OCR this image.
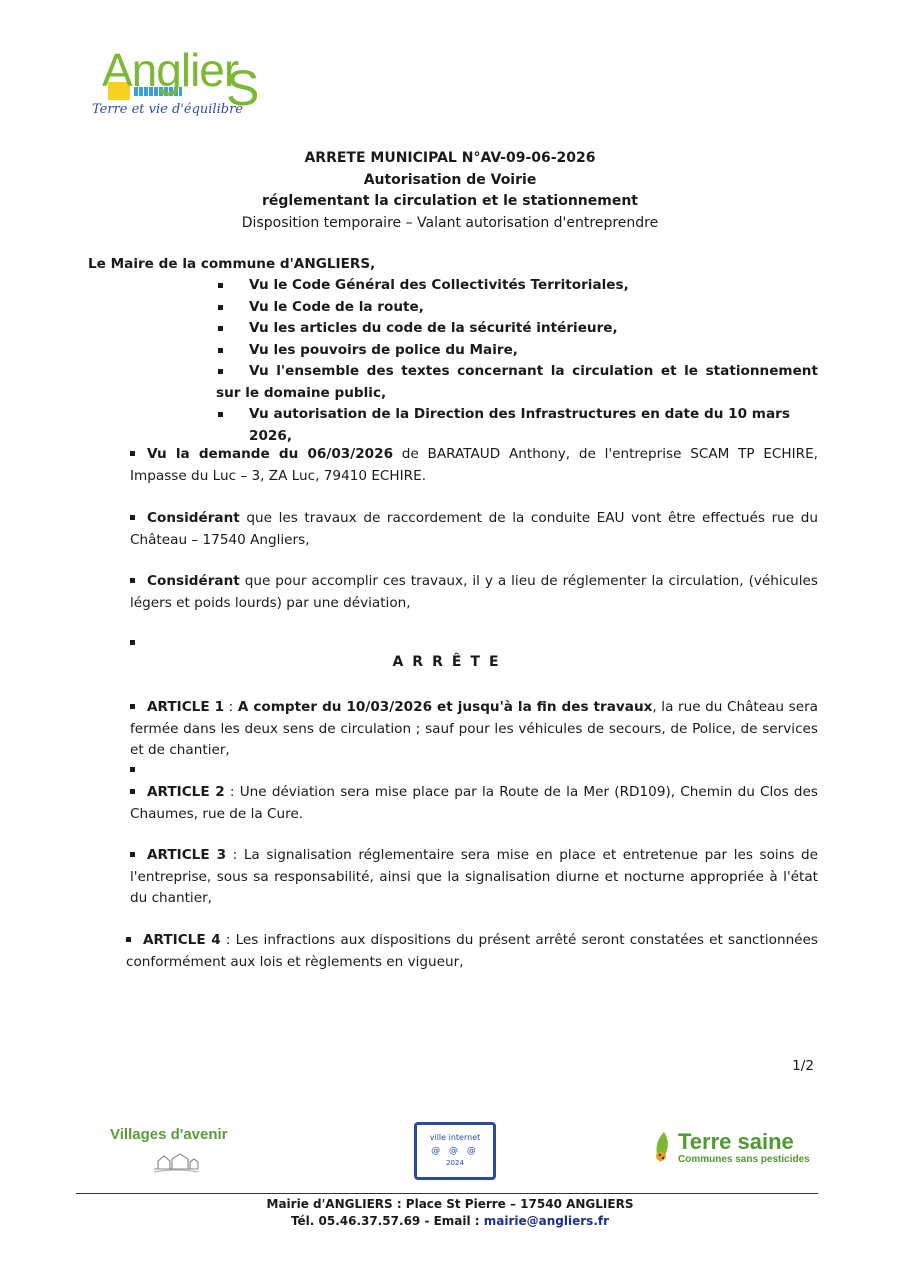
Anglier
S
Terre et vie d'équilibre
ARRETE MUNICIPAL N°AV-09-06-2026
Autorisation de Voirie
réglementant la circulation et le stationnement
Disposition temporaire – Valant autorisation d'entreprendre
Le Maire de la commune d'ANGLIERS,
Vu le Code Général des Collectivités Territoriales,
Vu le Code de la route,
Vu les articles du code de la sécurité intérieure,
Vu les pouvoirs de police du Maire,
Vu l'ensemble des textes concernant la circulation et le stationnement sur le domaine public,
Vu autorisation de la Direction des Infrastructures en date du 10 mars 2026,
Vu la demande du 06/03/2026 de BARATAUD Anthony, de l'entreprise SCAM TP ECHIRE, Impasse du Luc – 3, ZA Luc, 79410 ECHIRE.
Considérant que les travaux de raccordement de la conduite EAU vont être effectués rue du Château – 17540 Angliers,
Considérant que pour accomplir ces travaux, il y a lieu de réglementer la circulation, (véhicules légers et poids lourds) par une déviation,
ARRÊTE
ARTICLE 1 : A compter du 10/03/2026 et jusqu'à la fin des travaux, la rue du Château sera fermée dans les deux sens de circulation ; sauf pour les véhicules de secours, de Police, de services et de chantier,
ARTICLE 2 : Une déviation sera mise place par la Route de la Mer (RD109), Chemin du Clos des Chaumes, rue de la Cure.
ARTICLE 3 : La signalisation réglementaire sera mise en place et entretenue par les soins de l'entreprise, sous sa responsabilité, ainsi que la signalisation diurne et nocturne appropriée à l'état du chantier,
ARTICLE 4 : Les infractions aux dispositions du présent arrêté seront constatées et sanctionnées conformément aux lois et règlements en vigueur,
1/2
Villages d'avenir	ville internet
@ @ @
2024
Terre saine
Communes sans pesticides
Mairie d'ANGLIERS : Place St Pierre – 17540 ANGLIERS
Tél. 05.46.37.57.69 - Email : mairie@angliers.fr
